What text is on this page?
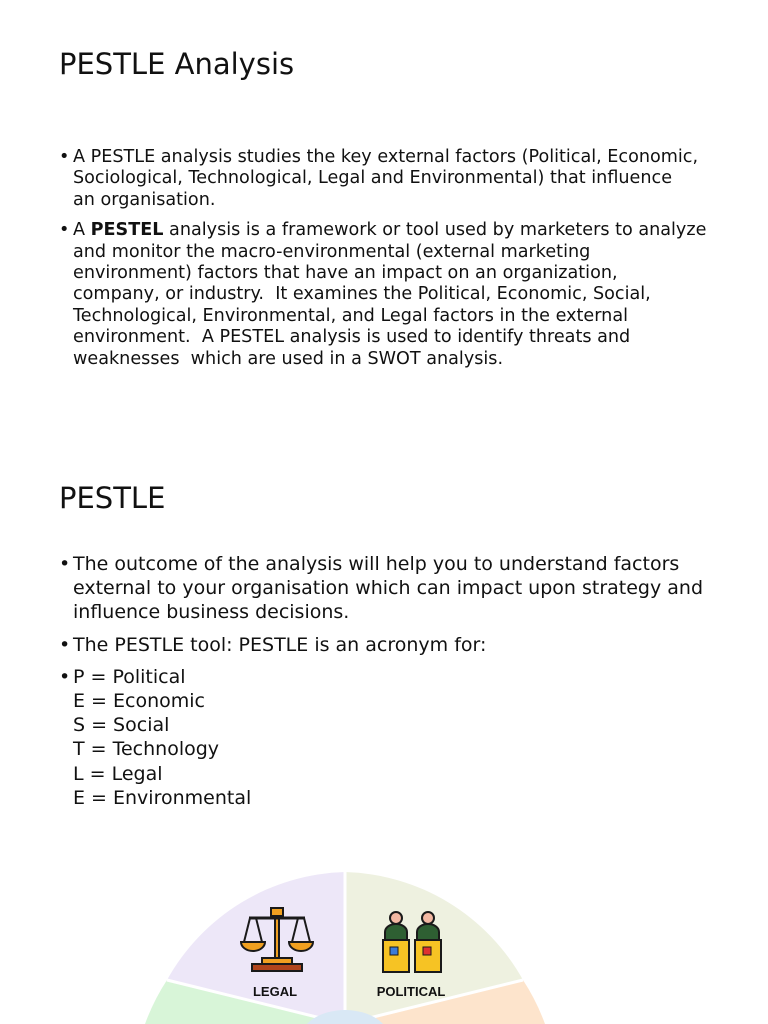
PESTLE Analysis
• A PESTLE analysis studies the key external factors (Political, Economic,
Sociological, Technological, Legal and Environmental) that influence
an organisation.
• A PESTEL analysis is a framework or tool used by marketers to analyze
and monitor the macro-environmental (external marketing
environment) factors that have an impact on an organization,
company, or industry.  It examines the Political, Economic, Social,
Technological, Environmental, and Legal factors in the external
environment.  A PESTEL analysis is used to identify threats and
weaknesses  which are used in a SWOT analysis.
PESTLE
• The outcome of the analysis will help you to understand factors
external to your organisation which can impact upon strategy and
influence business decisions.
• The PESTLE tool: PESTLE is an acronym for:
• P = Political
E = Economic
S = Social
T = Technology
L = Legal
E = Environmental
LEGAL	POLITICAL
